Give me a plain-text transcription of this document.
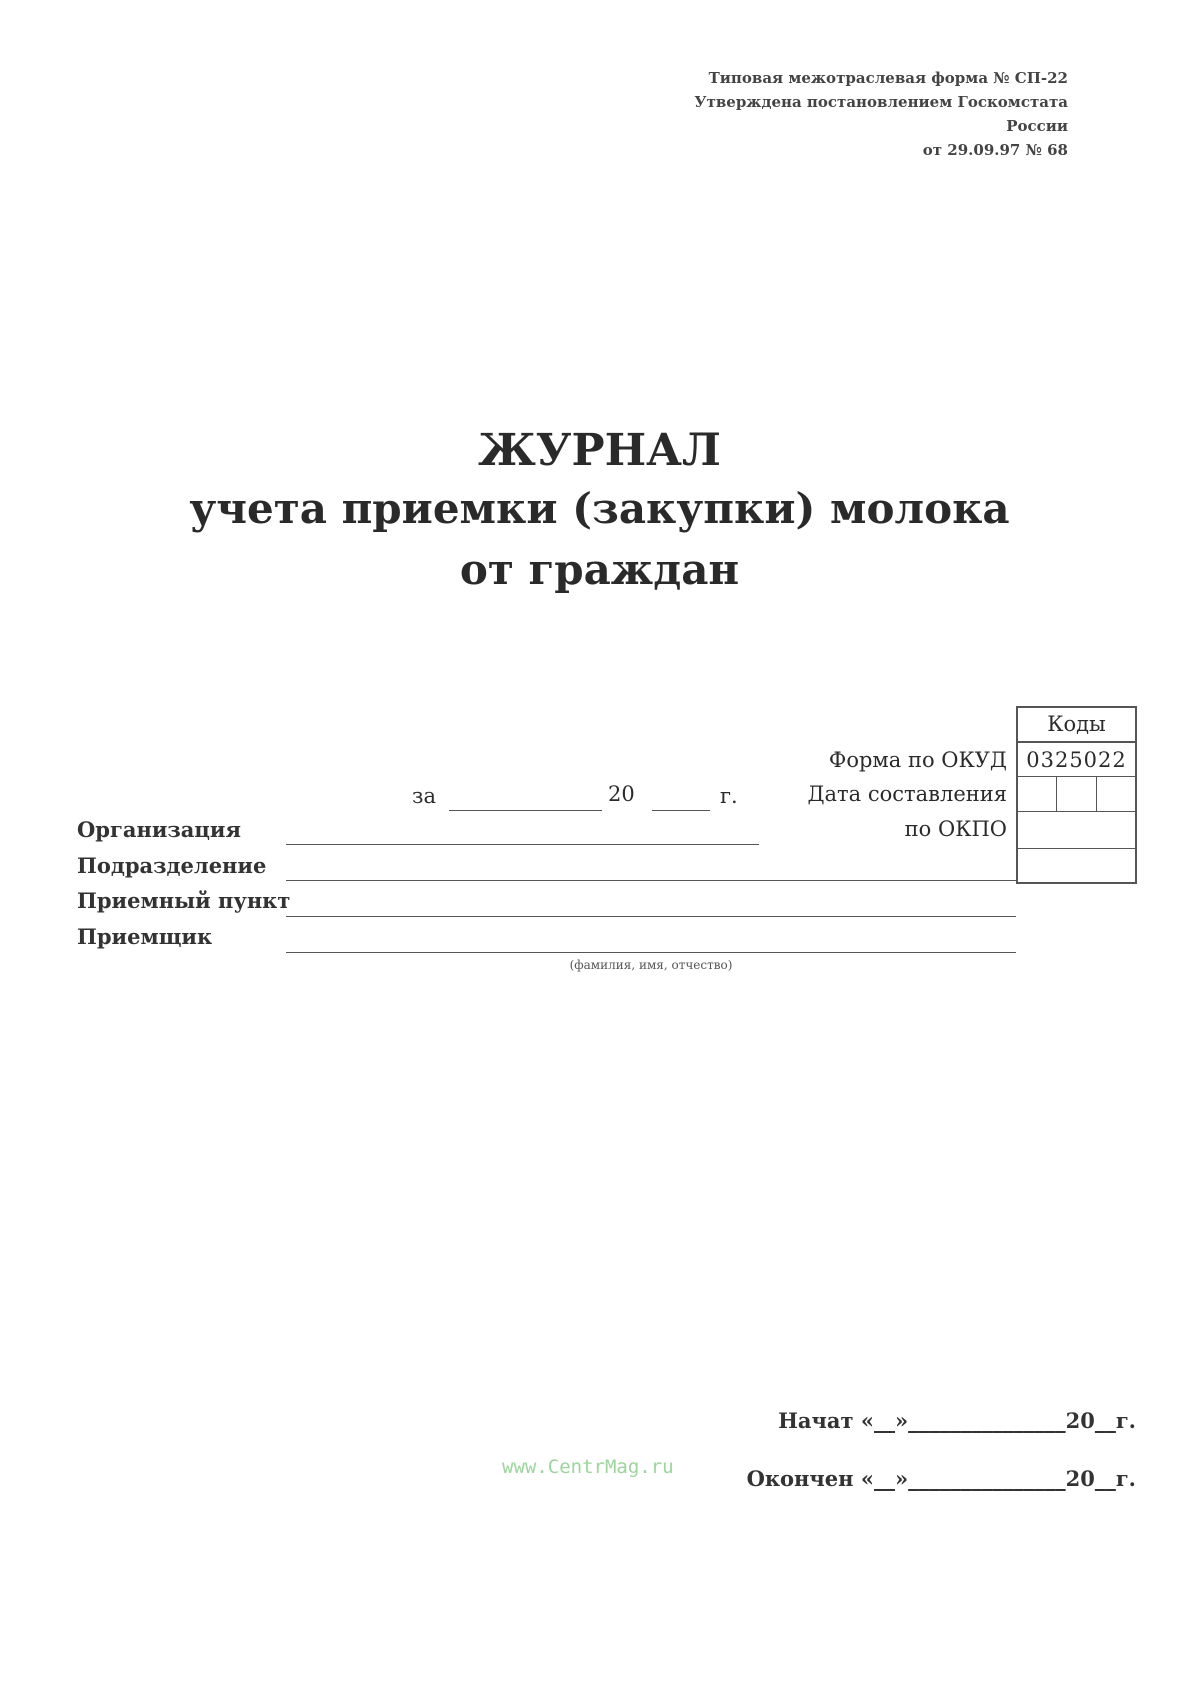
Типовая межотраслевая форма № СП-22
Утверждена постановлением Госкомстата
России
от 29.09.97 № 68
ЖУРНАЛ
учета приемки (закупки) молока
от граждан
Коды
0325022
Форма по ОКУД
Дата составления
по ОКПО
за	20	г.
Организация
Подразделение
Приемный пункт
Приемщик
(фамилия, имя, отчество)
Начат «__»_______________20__г.
Окончен «__»_______________20__г.
www.CentrMag.ru
